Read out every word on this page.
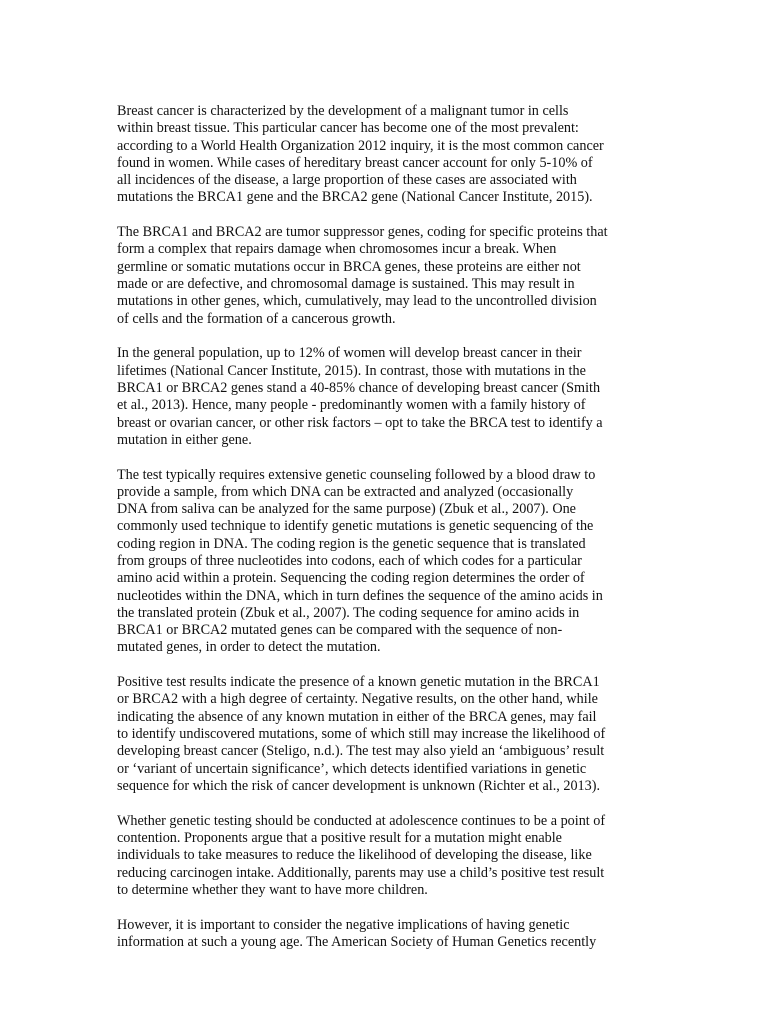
Breast cancer is characterized by the development of a malignant tumor in cells
within breast tissue. This particular cancer has become one of the most prevalent:
according to a World Health Organization 2012 inquiry, it is the most common cancer
found in women. While cases of hereditary breast cancer account for only 5-10% of
all incidences of the disease, a large proportion of these cases are associated with
mutations the BRCA1 gene and the BRCA2 gene (National Cancer Institute, 2015).

The BRCA1 and BRCA2 are tumor suppressor genes, coding for specific proteins that
form a complex that repairs damage when chromosomes incur a break. When
germline or somatic mutations occur in BRCA genes, these proteins are either not
made or are defective, and chromosomal damage is sustained. This may result in
mutations in other genes, which, cumulatively, may lead to the uncontrolled division
of cells and the formation of a cancerous growth.

In the general population, up to 12% of women will develop breast cancer in their
lifetimes (National Cancer Institute, 2015). In contrast, those with mutations in the
BRCA1 or BRCA2 genes stand a 40-85% chance of developing breast cancer (Smith
et al., 2013). Hence, many people - predominantly women with a family history of
breast or ovarian cancer, or other risk factors – opt to take the BRCA test to identify a
mutation in either gene.

The test typically requires extensive genetic counseling followed by a blood draw to
provide a sample, from which DNA can be extracted and analyzed (occasionally
DNA from saliva can be analyzed for the same purpose) (Zbuk et al., 2007). One
commonly used technique to identify genetic mutations is genetic sequencing of the
coding region in DNA. The coding region is the genetic sequence that is translated
from groups of three nucleotides into codons, each of which codes for a particular
amino acid within a protein. Sequencing the coding region determines the order of
nucleotides within the DNA, which in turn defines the sequence of the amino acids in
the translated protein (Zbuk et al., 2007). The coding sequence for amino acids in
BRCA1 or BRCA2 mutated genes can be compared with the sequence of non-
mutated genes, in order to detect the mutation.

Positive test results indicate the presence of a known genetic mutation in the BRCA1
or BRCA2 with a high degree of certainty. Negative results, on the other hand, while
indicating the absence of any known mutation in either of the BRCA genes, may fail
to identify undiscovered mutations, some of which still may increase the likelihood of
developing breast cancer (Steligo, n.d.). The test may also yield an ‘ambiguous’ result
or ‘variant of uncertain significance’, which detects identified variations in genetic
sequence for which the risk of cancer development is unknown (Richter et al., 2013).

Whether genetic testing should be conducted at adolescence continues to be a point of
contention. Proponents argue that a positive result for a mutation might enable
individuals to take measures to reduce the likelihood of developing the disease, like
reducing carcinogen intake. Additionally, parents may use a child’s positive test result
to determine whether they want to have more children.

However, it is important to consider the negative implications of having genetic
information at such a young age. The American Society of Human Genetics recently
